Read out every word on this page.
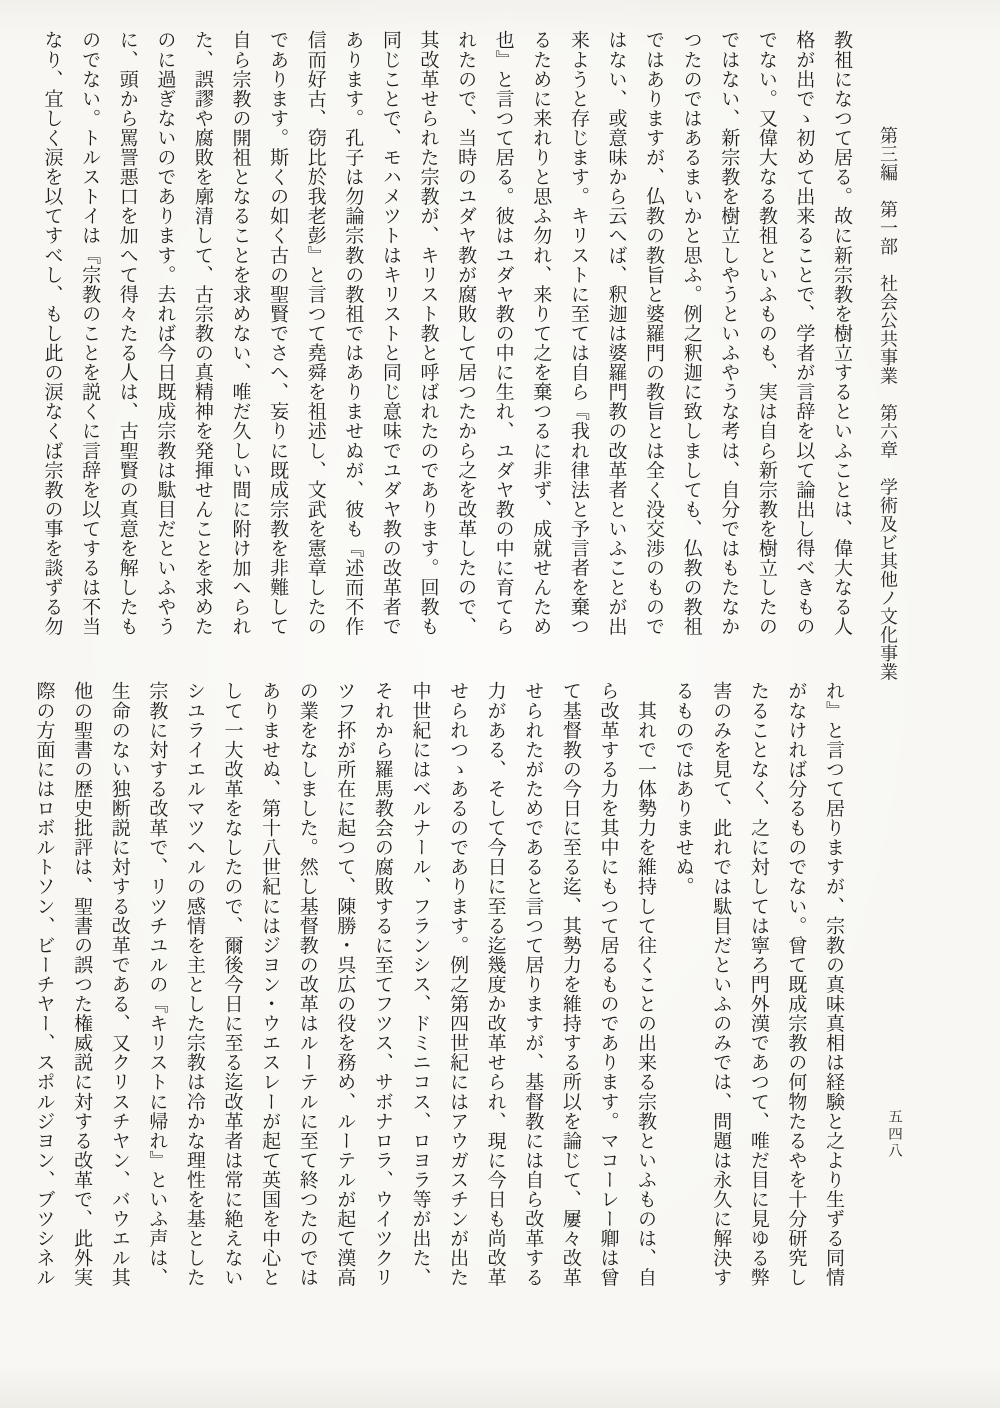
第三編　第一部　社会公共事業　第六章　学術及ビ其他ノ文化事業
教祖になつて居る。故に新宗教を樹立するといふことは、偉大なる人
格が出でゝ初めて出来ることで、学者が言辞を以て論出し得べきもの
でない。又偉大なる教祖といふものも、実は自ら新宗教を樹立したの
ではない、新宗教を樹立しやうといふやうな考は、自分ではもたなか
つたのではあるまいかと思ふ。例之釈迦に致しましても、仏教の教祖
ではありますが、仏教の教旨と婆羅門の教旨とは全く没交渉のもので
はない、或意味から云へば、釈迦は婆羅門教の改革者といふことが出
来ようと存じます。キリストに至ては自ら『我れ律法と予言者を棄つ
るために来れりと思ふ勿れ、来りて之を棄つるに非ず、成就せんため
也』と言つて居る。彼はユダヤ教の中に生れ、ユダヤ教の中に育てら
れたので、当時のユダヤ教が腐敗して居つたから之を改革したので、
其改革せられた宗教が、キリスト教と呼ばれたのであります。回教も
同じことで、モハメツトはキリストと同じ意味でユダヤ教の改革者で
あります。孔子は勿論宗教の教祖ではありませぬが、彼も『述而不作
信而好古、窃比於我老彭』と言つて堯舜を祖述し、文武を憲章したの
であります。斯くの如く古の聖賢でさへ、妄りに既成宗教を非難して
自ら宗教の開祖となることを求めない、唯だ久しい間に附け加へられ
た、誤謬や腐敗を廓清して、古宗教の真精神を発揮せんことを求めた
のに過ぎないのであります。去れば今日既成宗教は駄目だといふやう
に、頭から罵詈悪口を加へて得々たる人は、古聖賢の真意を解したも
のでない。トルストイは『宗教のことを説くに言辞を以てするは不当
なり、宜しく涙を以てすべし、もし此の涙なくば宗教の事を談ずる勿
れ』と言つて居りますが、宗教の真味真相は経験と之より生ずる同情
がなければ分るものでない。曾て既成宗教の何物たるやを十分研究し
たることなく、之に対しては寧ろ門外漢であつて、唯だ目に見ゆる弊
害のみを見て、此れでは駄目だといふのみでは、問題は永久に解決す
るものではありませぬ。
　其れで一体勢力を維持して往くことの出来る宗教といふものは、自
ら改革する力を其中にもつて居るものであります。マコーレー卿は曾
て基督教の今日に至る迄、其勢力を維持する所以を論じて、屢々改革
せられたがためであると言つて居りますが、基督教には自ら改革する
力がある、そして今日に至る迄幾度か改革せられ、現に今日も尚改革
せられつゝあるのであります。例之第四世紀にはアウガスチンが出た
中世紀にはベルナール、フランシス、ドミニコス、ロヨラ等が出た、
それから羅馬教会の腐敗するに至てフツス、サボナロラ、ウイツクリ
ツフ抔が所在に起つて、陳勝・呉広の役を務め、ルーテルが起て漢高
の業をなしました。然し基督教の改革はルーテルに至て終つたのでは
ありませぬ、第十八世紀にはジヨン・ウエスレーが起て英国を中心と
して一大改革をなしたので、爾後今日に至る迄改革者は常に絶えない
シユライエルマツヘルの感情を主とした宗教は冷かな理性を基とした
宗教に対する改革で、リツチユルの『キリストに帰れ』といふ声は、
生命のない独断説に対する改革である、又クリスチヤン、バウエル其
他の聖書の歴史批評は、聖書の誤つた権威説に対する改革で、此外実
際の方面にはロボルトソン、ビーチヤー、スポルジヨン、ブツシネル	五四八
